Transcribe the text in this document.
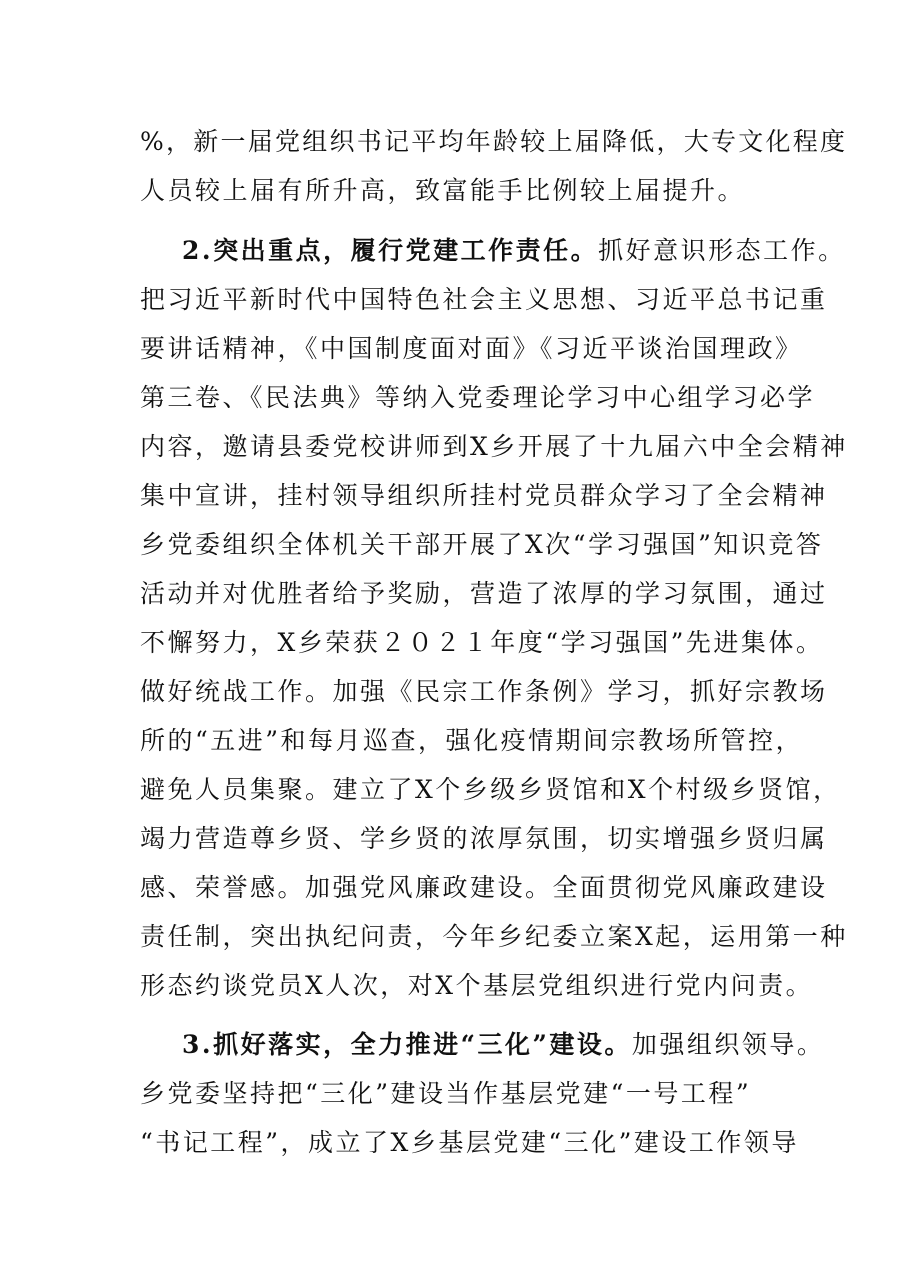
%，新一届党组织书记平均年龄较上届降低，大专文化程度
人员较上届有所升高，致富能手比例较上届提升。
2.突出重点，履行党建工作责任。抓好意识形态工作。
把习近平新时代中国特色社会主义思想、习近平总书记重
要讲话精神，《中国制度面对面》《习近平谈治国理政》
第三卷、《民法典》等纳入党委理论学习中心组学习必学
内容，邀请县委党校讲师到X乡开展了十九届六中全会精神
集中宣讲，挂村领导组织所挂村党员群众学习了全会精神
乡党委组织全体机关干部开展了X次“学习强国”知识竞答
活动并对优胜者给予奖励，营造了浓厚的学习氛围，通过
不懈努力，X乡荣获２０２１年度“学习强国”先进集体。
做好统战工作。加强《民宗工作条例》学习，抓好宗教场
所的“五进”和每月巡查，强化疫情期间宗教场所管控，
避免人员集聚。建立了X个乡级乡贤馆和X个村级乡贤馆，
竭力营造尊乡贤、学乡贤的浓厚氛围，切实增强乡贤归属
感、荣誉感。加强党风廉政建设。全面贯彻党风廉政建设
责任制，突出执纪问责，今年乡纪委立案X起，运用第一种
形态约谈党员X人次，对X个基层党组织进行党内问责。
3.抓好落实，全力推进“三化”建设。加强组织领导。
乡党委坚持把“三化”建设当作基层党建“一号工程”
“书记工程”，成立了X乡基层党建“三化”建设工作领导
